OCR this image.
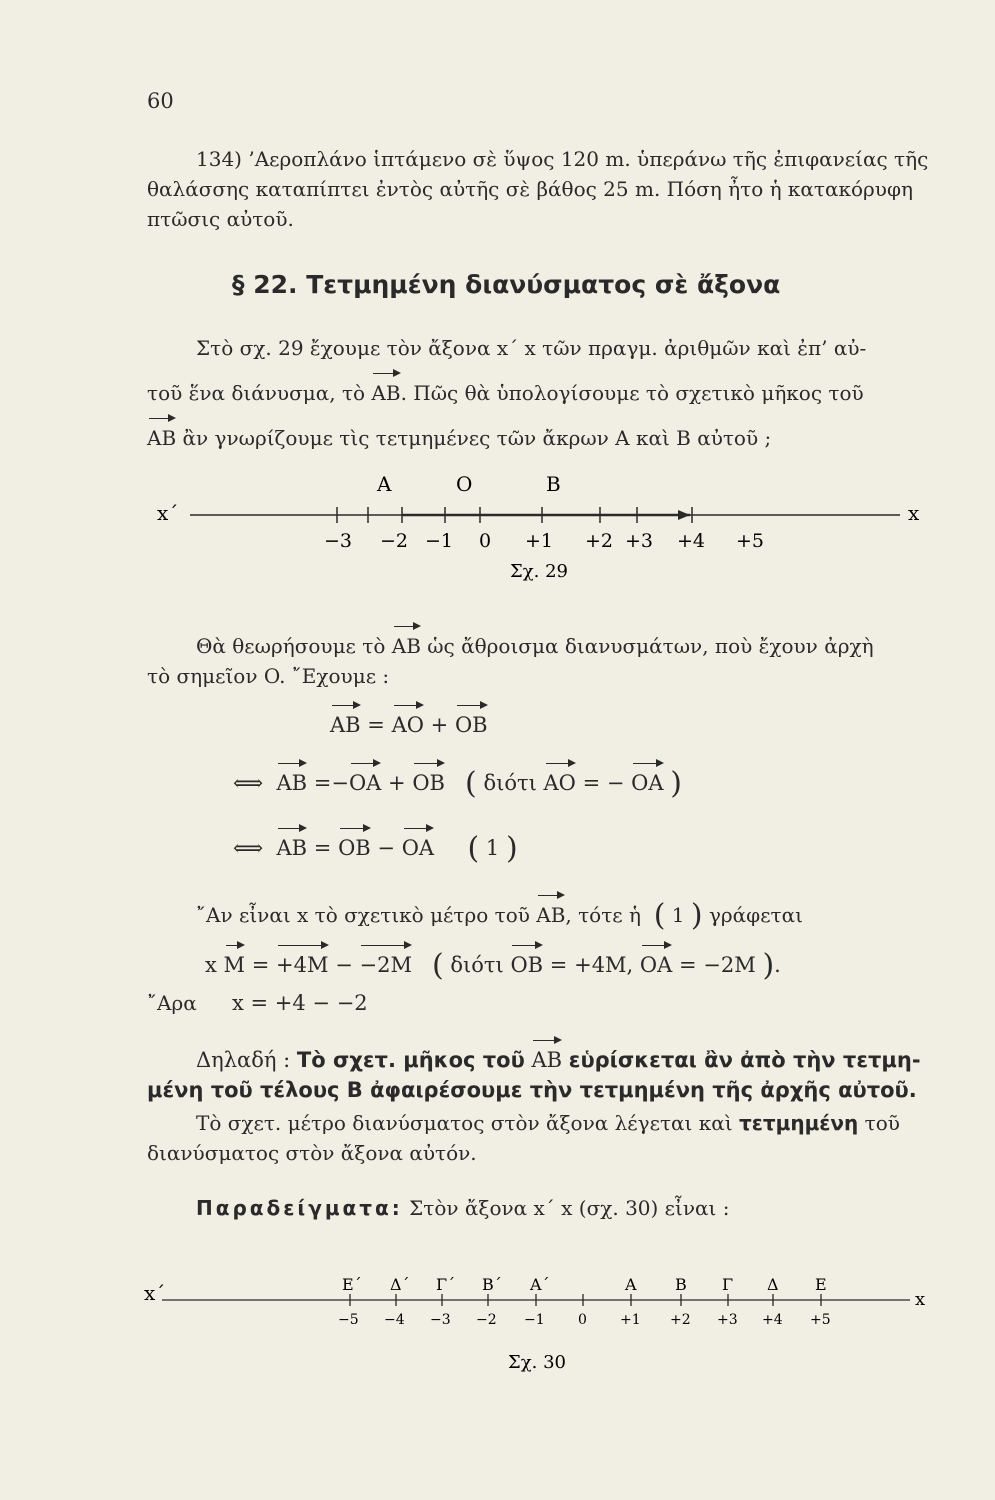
60
134) ’Αεροπλάνο ἱπτάμενο σὲ ὕψος 120 m. ὑπεράνω τῆς ἐπιφανείας τῆς
θαλάσσης καταπίπτει ἐντὸς αὐτῆς σὲ βάθος 25 m. Πόση ἦτο ἡ κατακόρυφη
πτῶσις αὐτοῦ.
§ 22. Τετμημένη διανύσματος σὲ ἄξονα
Στὸ σχ. 29 ἔχουμε τὸν ἄξονα x΄ x τῶν πραγμ. ἀριθμῶν καὶ ἐπ’ αὐ-
τοῦ ἕνα διάνυσμα, τὸ AB. Πῶς θὰ ὑπολογίσουμε τὸ σχετικὸ μῆκος τοῦ
AB ἂν γνωρίζουμε τὶς τετμημένες τῶν ἄκρων A καὶ B αὐτοῦ ;
x΄	x
A	O	B
−3 −2 −1 0 +1 +2 +3 +4 +5
Σχ. 29
Θὰ θεωρήσουμε τὸ AB ὡς ἄθροισμα διανυσμάτων, ποὺ ἔχουν ἀρχὴ
τὸ σημεῖον O. ῎Εχουμε :
AB = AO + OB
⟺ AB =−OA + OB ( διότι AO = − OA )
⟺ AB = OB − OA ( 1 )
῎Αν εἶναι x τὸ σχετικὸ μέτρο τοῦ AB, τότε ἡ ( 1 ) γράφεται
x M = +4M − −2M ( διότι OB = +4M, OA = −2M ).
῎Αρα x = +4 − −2
Δηλαδή : Τὸ σχετ. μῆκος τοῦ AB εὑρίσκεται ἂν ἀπὸ τὴν τετμη-
μένη τοῦ τέλους B ἀφαιρέσουμε τὴν τετμημένη τῆς ἀρχῆς αὐτοῦ.
Τὸ σχετ. μέτρο διανύσματος στὸν ἄξονα λέγεται καὶ τετμημένη τοῦ
διανύσματος στὸν ἄξονα αὐτόν.
Παραδείγματα: Στὸν ἄξονα x΄ x (σχ. 30) εἶναι :
x΄	x
E΄ Δ΄ Γ΄ B΄ A΄	A B Γ Δ E
−5 −4 −3 −2 −1 0 +1 +2 +3 +4 +5
Σχ. 30
